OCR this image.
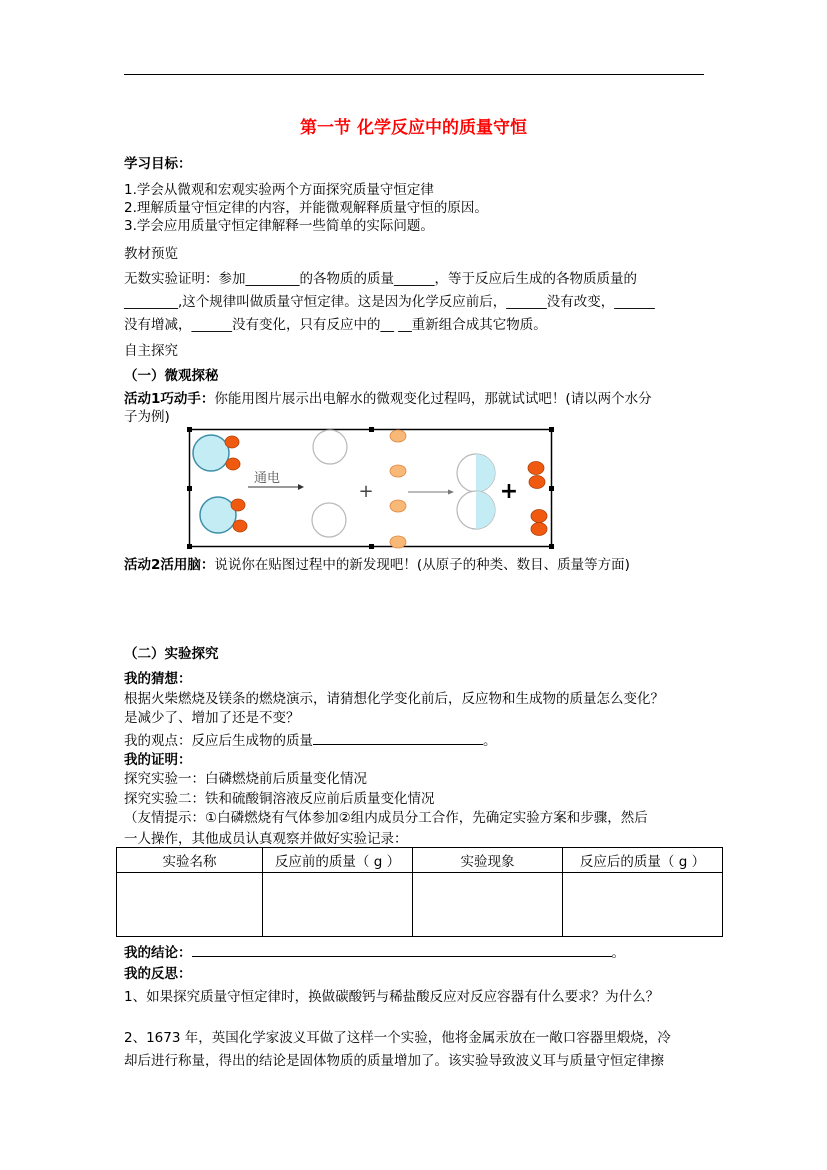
第一节 化学反应中的质量守恒
学习目标：
1.学会从微观和宏观实验两个方面探究质量守恒定律
2.理解质量守恒定律的内容，并能微观解释质量守恒的原因。
3.学会应用质量守恒定律解释一些简单的实际问题。
教材预览
无数实验证明：参加________的各物质的质量______，等于反应后生成的各物质质量的
________,这个规律叫做质量守恒定律。这是因为化学反应前后，______没有改变，______
没有增减，______没有变化，只有反应中的__ __重新组合成其它物质。
自主探究
（一）微观探秘
活动1巧动手：你能用图片展示出电解水的微观变化过程吗，那就试试吧！(请以两个水分
子为例)
通电
+	+
活动2活用脑：说说你在贴图过程中的新发现吧！(从原子的种类、数目、质量等方面)
（二）实验探究
我的猜想：
根据火柴燃烧及镁条的燃烧演示，请猜想化学变化前后，反应物和生成物的质量怎么变化？
是减少了、增加了还是不变？
我的观点：反应后生成物的质量	。
我的证明：
探究实验一：白磷燃烧前后质量变化情况
探究实验二：铁和硫酸铜溶液反应前后质量变化情况
（友情提示：①白磷燃烧有气体参加②组内成员分工合作，先确定实验方案和步骤，然后
一人操作，其他成员认真观察并做好实验记录：
实验名称	反应前的质量（ g ）	实验现象	反应后的质量（ g ）

我的结论：	。
我的反思：
1、如果探究质量守恒定律时，换做碳酸钙与稀盐酸反应对反应容器有什么要求？为什么？
2、1673 年，英国化学家波义耳做了这样一个实验，他将金属汞放在一敞口容器里煅烧，冷
却后进行称量，得出的结论是固体物质的质量增加了。该实验导致波义耳与质量守恒定律擦
